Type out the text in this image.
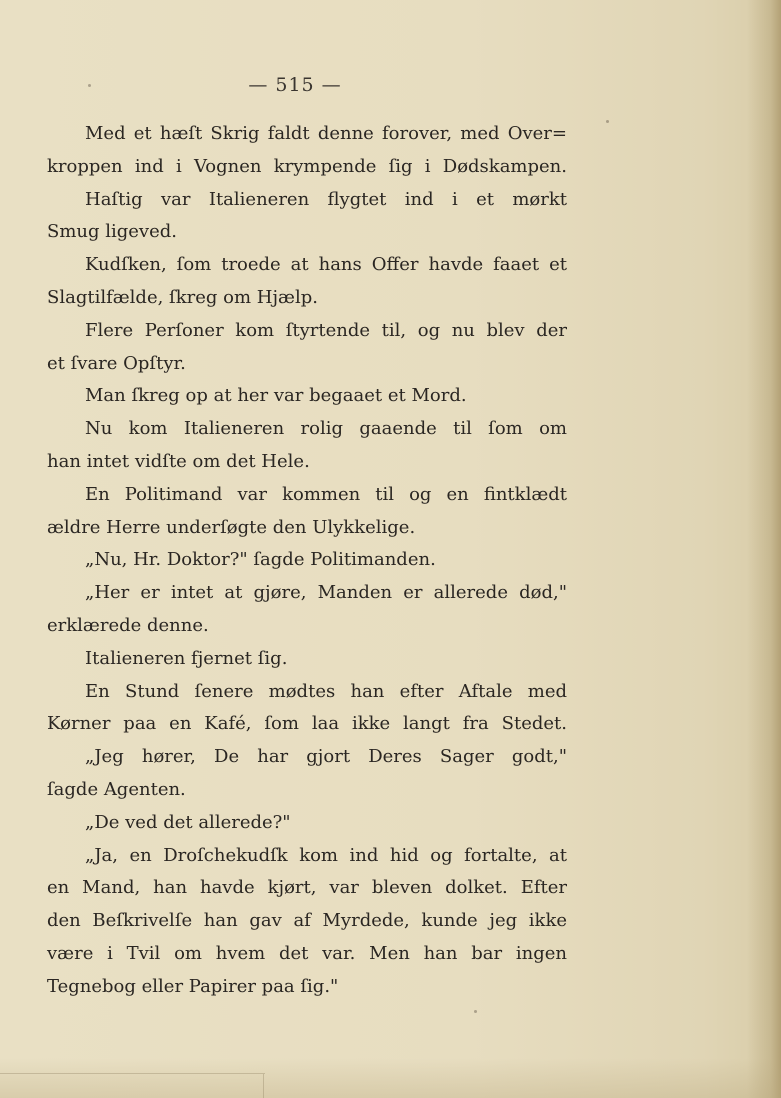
— 515 —
Med et hæſt Skrig faldt denne forover, med Over=
kroppen ind i Vognen krympende ſig i Dødskampen.
Haſtig var Italieneren flygtet ind i et mørkt
Smug ligeved.
Kudſken, ſom troede at hans Offer havde faaet et
Slagtilfælde, ſkreg om Hjælp.
Flere Perſoner kom ſtyrtende til, og nu blev der
et ſvare Opſtyr.
Man ſkreg op at her var begaaet et Mord.
Nu kom Italieneren rolig gaaende til ſom om
han intet vidſte om det Hele.
En Politimand var kommen til og en fintklædt
ældre Herre underſøgte den Ulykkelige.
„Nu, Hr. Doktor?" ſagde Politimanden.
„Her er intet at gjøre, Manden er allerede død,"
erklærede denne.
Italieneren fjernet ſig.
En Stund ſenere mødtes han efter Aftale med
Kørner paa en Kafé, ſom laa ikke langt fra Stedet.
„Jeg hører, De har gjort Deres Sager godt,"
ſagde Agenten.
„De ved det allerede?"
„Ja, en Droſchekudſk kom ind hid og fortalte, at
en Mand, han havde kjørt, var bleven dolket. Efter
den Beſkrivelſe han gav af Myrdede, kunde jeg ikke
være i Tvil om hvem det var. Men han bar ingen
Tegnebog eller Papirer paa ſig."
